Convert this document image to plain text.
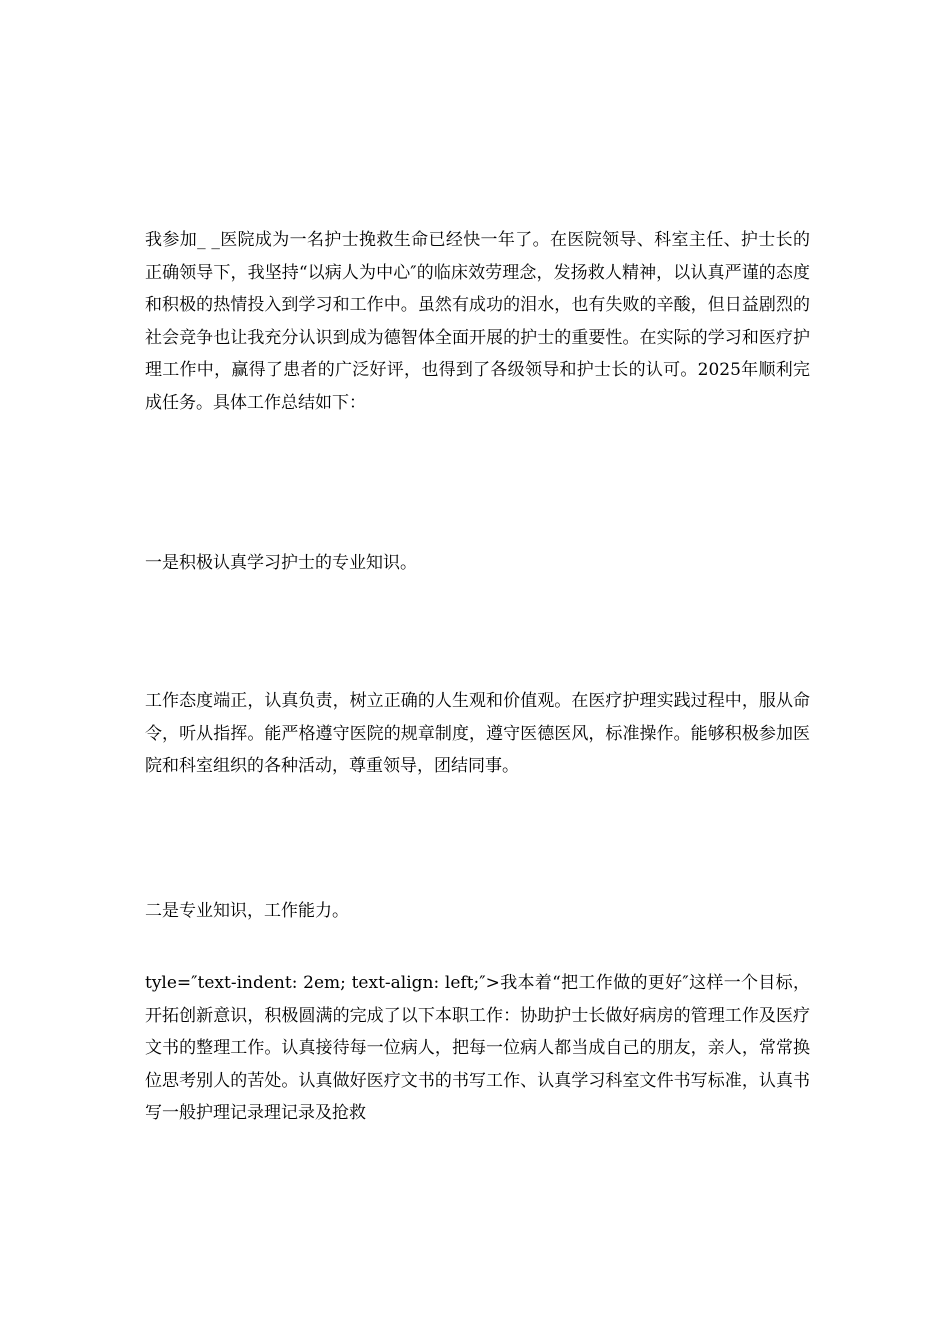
我参加_ _医院成为一名护士挽救生命已经快一年了。在医院领导、科室主任、护士长的正确领导下，我坚持“以病人为中心″的临床效劳理念，发扬救人精神，以认真严谨的态度和积极的热情投入到学习和工作中。虽然有成功的泪水，也有失败的辛酸，但日益剧烈的社会竞争也让我充分认识到成为德智体全面开展的护士的重要性。在实际的学习和医疗护理工作中，赢得了患者的广泛好评，也得到了各级领导和护士长的认可。2025年顺利完成任务。具体工作总结如下：

一是积极认真学习护士的专业知识。

工作态度端正，认真负责，树立正确的人生观和价值观。在医疗护理实践过程中，服从命令，听从指挥。能严格遵守医院的规章制度，遵守医德医风，标准操作。能够积极参加医院和科室组织的各种活动，尊重领导，团结同事。

二是专业知识，工作能力。

tyle=″text-indent: 2em; text-align: left;″>我本着“把工作做的更好″这样一个目标，开拓创新意识，积极圆满的完成了以下本职工作：协助护士长做好病房的管理工作及医疗文书的整理工作。认真接待每一位病人，把每一位病人都当成自己的朋友，亲人，常常换位思考别人的苦处。认真做好医疗文书的书写工作、认真学习科室文件书写标准，认真书写一般护理记录理记录及抢救
